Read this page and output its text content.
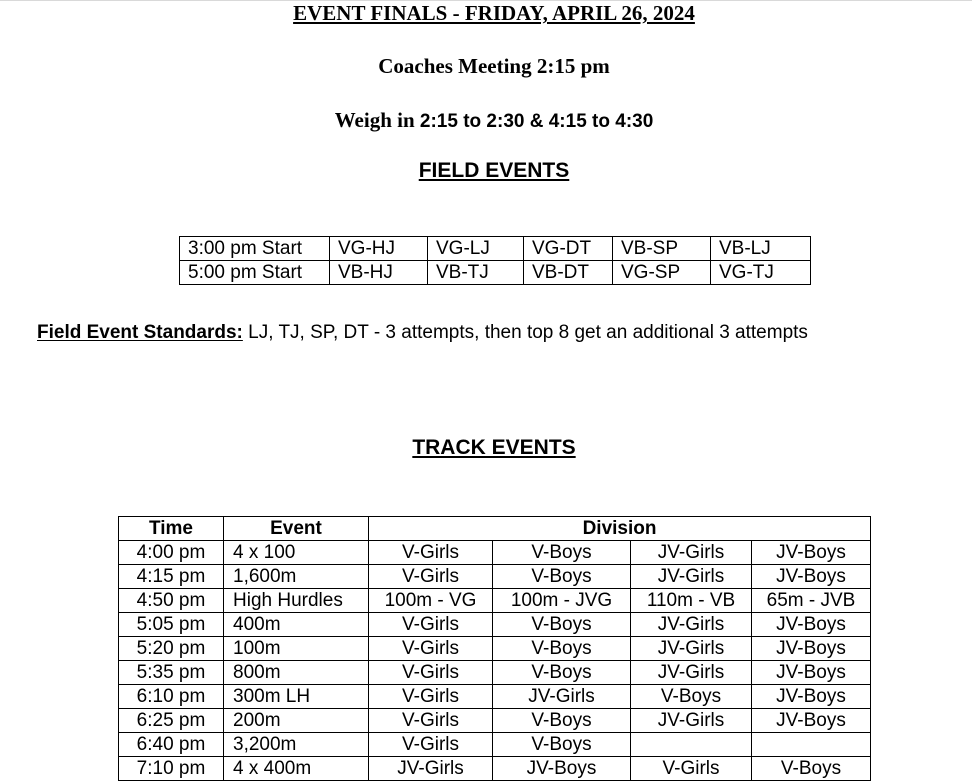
EVENT FINALS - FRIDAY, APRIL 26, 2024
Coaches Meeting 2:15 pm
Weigh in 2:15 to 2:30 & 4:15 to 4:30
FIELD EVENTS
3:00 pm Start	VG-HJ	VG-LJ	VG-DT	VB-SP	VB-LJ
5:00 pm Start	VB-HJ	VB-TJ	VB-DT	VG-SP	VG-TJ
Field Event Standards: LJ, TJ, SP, DT - 3 attempts, then top 8 get an additional 3 attempts
TRACK EVENTS
Time	Event	Division			
4:00 pm	4 x 100	V-Girls	V-Boys	JV-Girls	JV-Boys
4:15 pm	1,600m	V-Girls	V-Boys	JV-Girls	JV-Boys
4:50 pm	High Hurdles	100m - VG	100m - JVG	110m - VB	65m - JVB
5:05 pm	400m	V-Girls	V-Boys	JV-Girls	JV-Boys
5:20 pm	100m	V-Girls	V-Boys	JV-Girls	JV-Boys
5:35 pm	800m	V-Girls	V-Boys	JV-Girls	JV-Boys
6:10 pm	300m LH	V-Girls	JV-Girls	V-Boys	JV-Boys
6:25 pm	200m	V-Girls	V-Boys	JV-Girls	JV-Boys
6:40 pm	3,200m	V-Girls	V-Boys		
7:10 pm	4 x 400m	JV-Girls	JV-Boys	V-Girls	V-Boys
